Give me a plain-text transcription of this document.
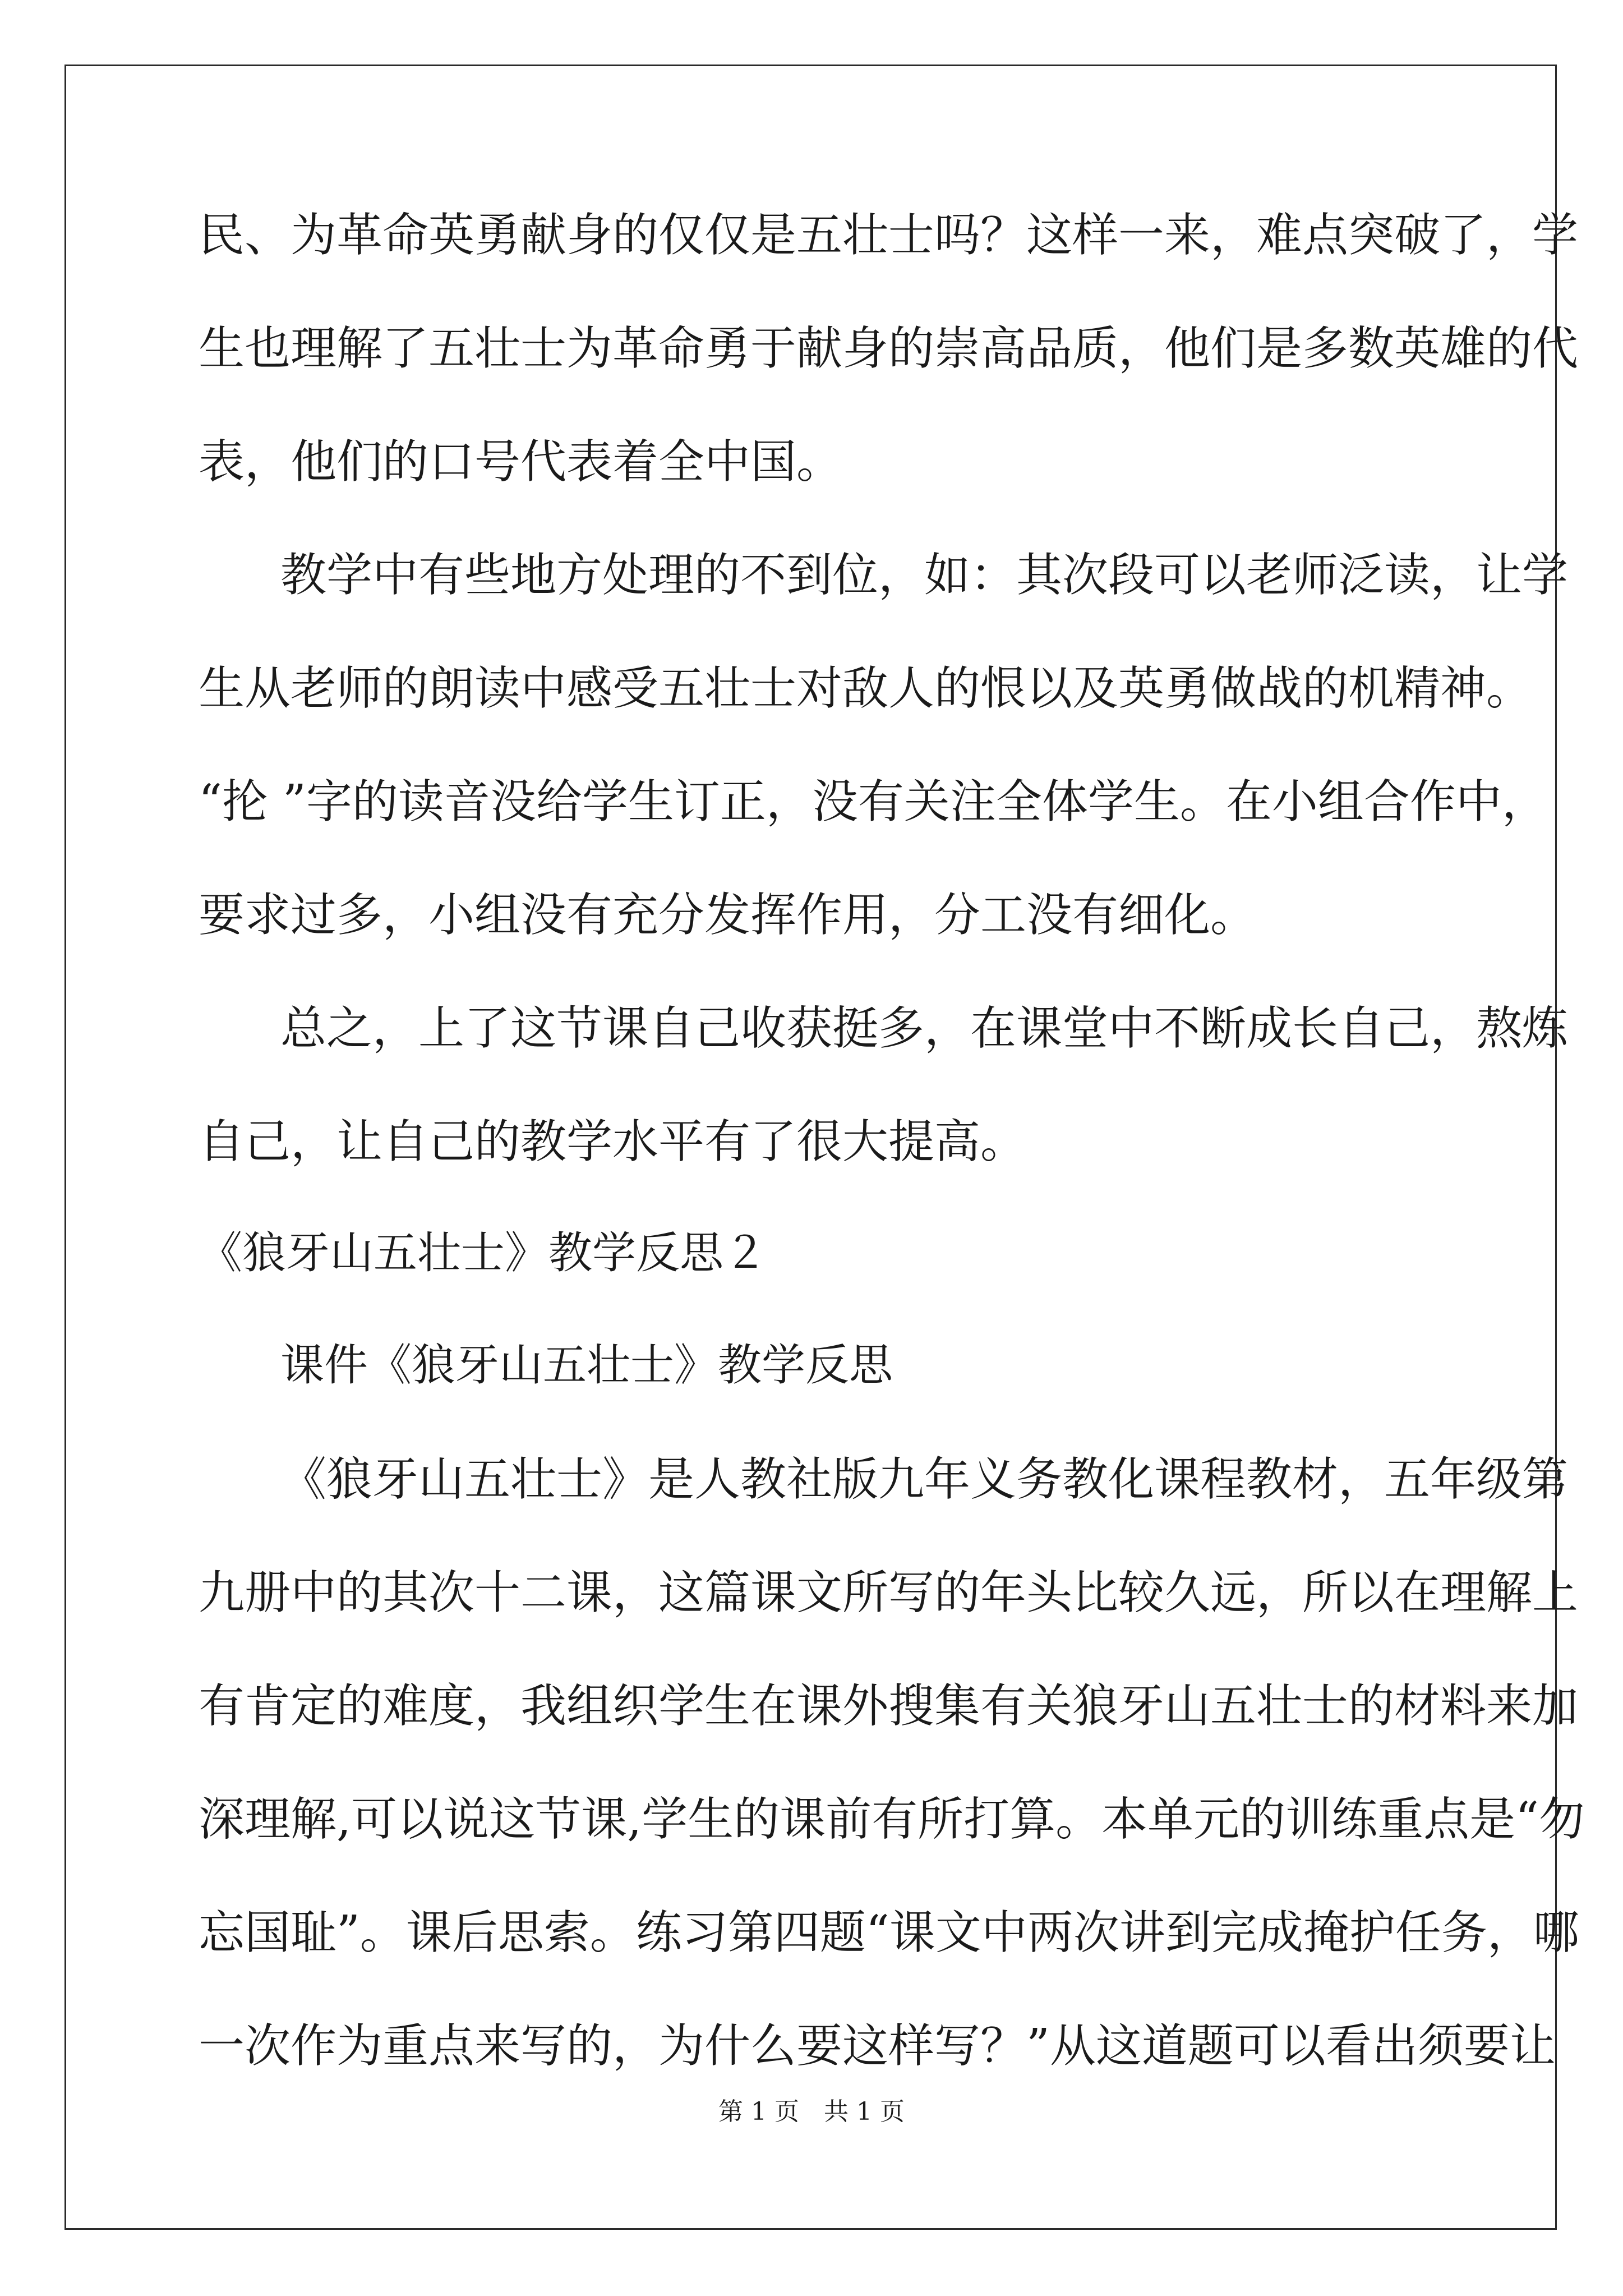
民、为革命英勇献身的仅仅是五壮士吗？这样一来，难点突破了，学
生也理解了五壮士为革命勇于献身的崇高品质，他们是多数英雄的代
表，他们的口号代表着全中国。
教学中有些地方处理的不到位，如：其次段可以老师泛读，让学
生从老师的朗读中感受五壮士对敌人的恨以及英勇做战的机精神。
“抡 ”字的读音没给学生订正，没有关注全体学生。在小组合作中，
要求过多，小组没有充分发挥作用，分工没有细化。
总之，上了这节课自己收获挺多，在课堂中不断成长自己，熬炼
自己，让自己的教学水平有了很大提高。
《狼牙山五壮士》教学反思２
课件《狼牙山五壮士》教学反思
《狼牙山五壮士》是人教社版九年义务教化课程教材，五年级第
九册中的其次十二课，这篇课文所写的年头比较久远，所以在理解上
有肯定的难度，我组织学生在课外搜集有关狼牙山五壮士的材料来加
深理解,可以说这节课,学生的课前有所打算。本单元的训练重点是“勿
忘国耻”。课后思索。练习第四题“课文中两次讲到完成掩护任务，哪
一次作为重点来写的，为什么要这样写？”从这道题可以看出须要让
第 1 页　共 1 页
